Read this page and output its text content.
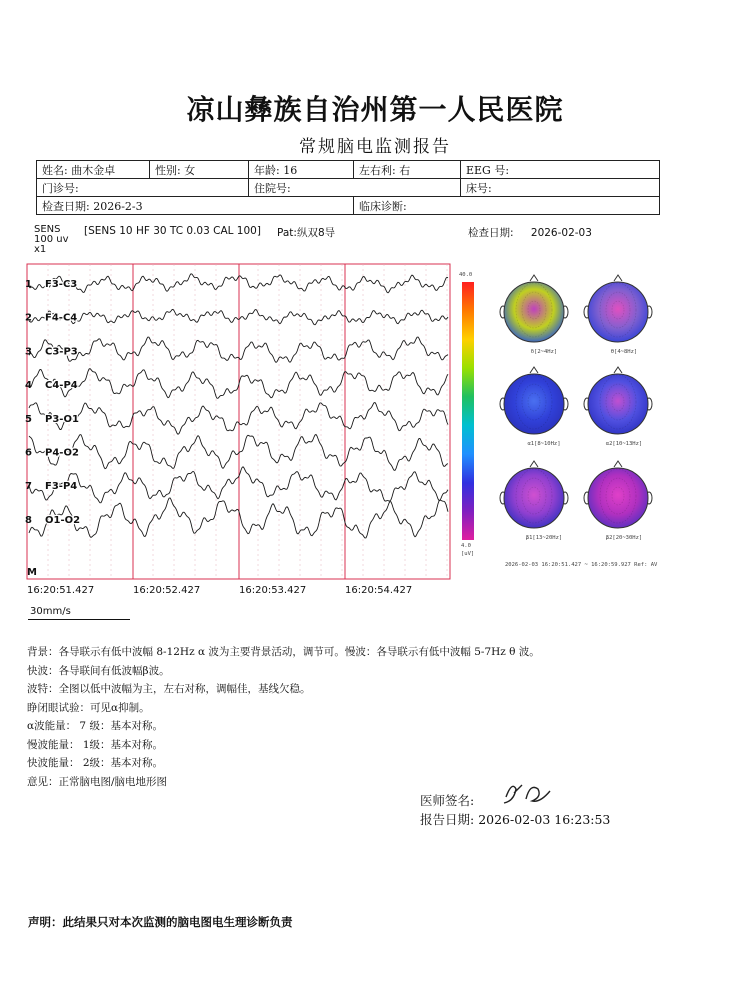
凉山彝族自治州第一人民医院
常规脑电监测报告
姓名: 曲木金卓	性别: 女	年龄: 16	左右利: 右	EEG 号:
门诊号:		住院号:		床号:
检查日期: 2026-2-3			临床诊断:	
SENS
100 uv
x1
[SENS 10 HF 30 TC 0.03 CAL 100] Pat:纵双8导	检查日期: 2026-02-03
1 F3-C3
2 F4-C4
3 C3-P3
4 C4-P4
5 P3-O1
6 P4-O2
7 F3-P4
8 O1-O2
M
16:20:51.427	16:20:52.427	16:20:53.427	16:20:54.427
30mm/s
40.0
4.0
[uV]
δ[2~4Hz]	θ[4~8Hz]
α1[8~10Hz]	α2[10~13Hz]
β1[13~20Hz]	β2[20~30Hz]
2026-02-03 16:20:51.427 ~ 16:20:59.927 Ref: AV
背景：各导联示有低中波幅 8-12Hz α 波为主要背景活动，调节可。慢波：各导联示有低中波幅 5-7Hz θ 波。
快波：各导联间有低波幅β波。
波特：全图以低中波幅为主，左右对称，调幅佳，基线欠稳。
睁闭眼试验：可见α抑制。
α波能量： 7 级：基本对称。
慢波能量： 1级：基本对称。
快波能量： 2级：基本对称。
意见：正常脑电图/脑电地形图
医师签名:
报告日期: 2026-02-03 16:23:53
声明：此结果只对本次监测的脑电图电生理诊断负责
